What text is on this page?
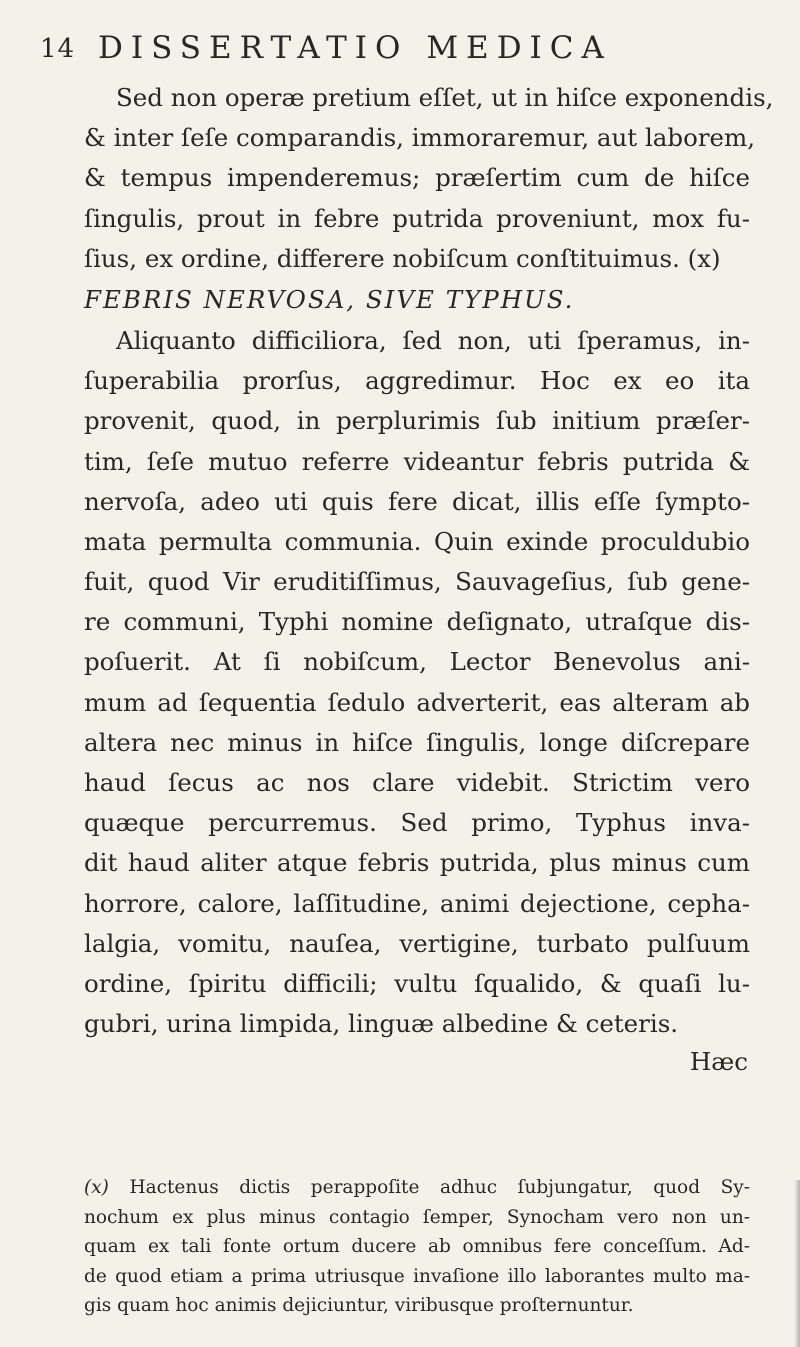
14 DISSERTATIO MEDICA
Sed non operæ pretium eſſet, ut in hiſce exponendis,
& inter ſeſe comparandis, immoraremur, aut laborem,
& tempus impenderemus; præſertim cum de hiſce
ſingulis, prout in febre putrida proveniunt, mox fu-
ſius, ex ordine, differere nobiſcum conſtituimus. (x)
FEBRIS NERVOSA, SIVE TYPHUS.
Aliquanto difficiliora, ſed non, uti ſperamus, in-
ſuperabilia prorſus, aggredimur. Hoc ex eo ita
provenit, quod, in perplurimis ſub initium præſer-
tim, ſeſe mutuo referre videantur febris putrida &
nervoſa, adeo uti quis fere dicat, illis eſſe ſympto-
mata permulta communia. Quin exinde proculdubio
fuit, quod Vir eruditiſſimus, Sauvageſius, ſub gene-
re communi, Typhi nomine deſignato, utraſque dis-
poſuerit. At ſi nobiſcum, Lector Benevolus ani-
mum ad ſequentia ſedulo adverterit, eas alteram ab
altera nec minus in hiſce ſingulis, longe diſcrepare
haud ſecus ac nos clare videbit. Strictim vero
quæque percurremus. Sed primo, Typhus inva-
dit haud aliter atque febris putrida, plus minus cum
horrore, calore, laſſitudine, animi dejectione, cepha-
lalgia, vomitu, nauſea, vertigine, turbato pulſuum
ordine, ſpiritu difficili; vultu ſqualido, & quaſi lu-
gubri, urina limpida, linguæ albedine & ceteris.
Hæc
(x) Hactenus dictis perappoſite adhuc ſubjungatur, quod Sy-
nochum ex plus minus contagio ſemper, Synocham vero non un-
quam ex tali fonte ortum ducere ab omnibus fere conceſſum. Ad-
de quod etiam a prima utriusque invaſione illo laborantes multo ma-
gis quam hoc animis dejiciuntur, viribusque proſternuntur.
